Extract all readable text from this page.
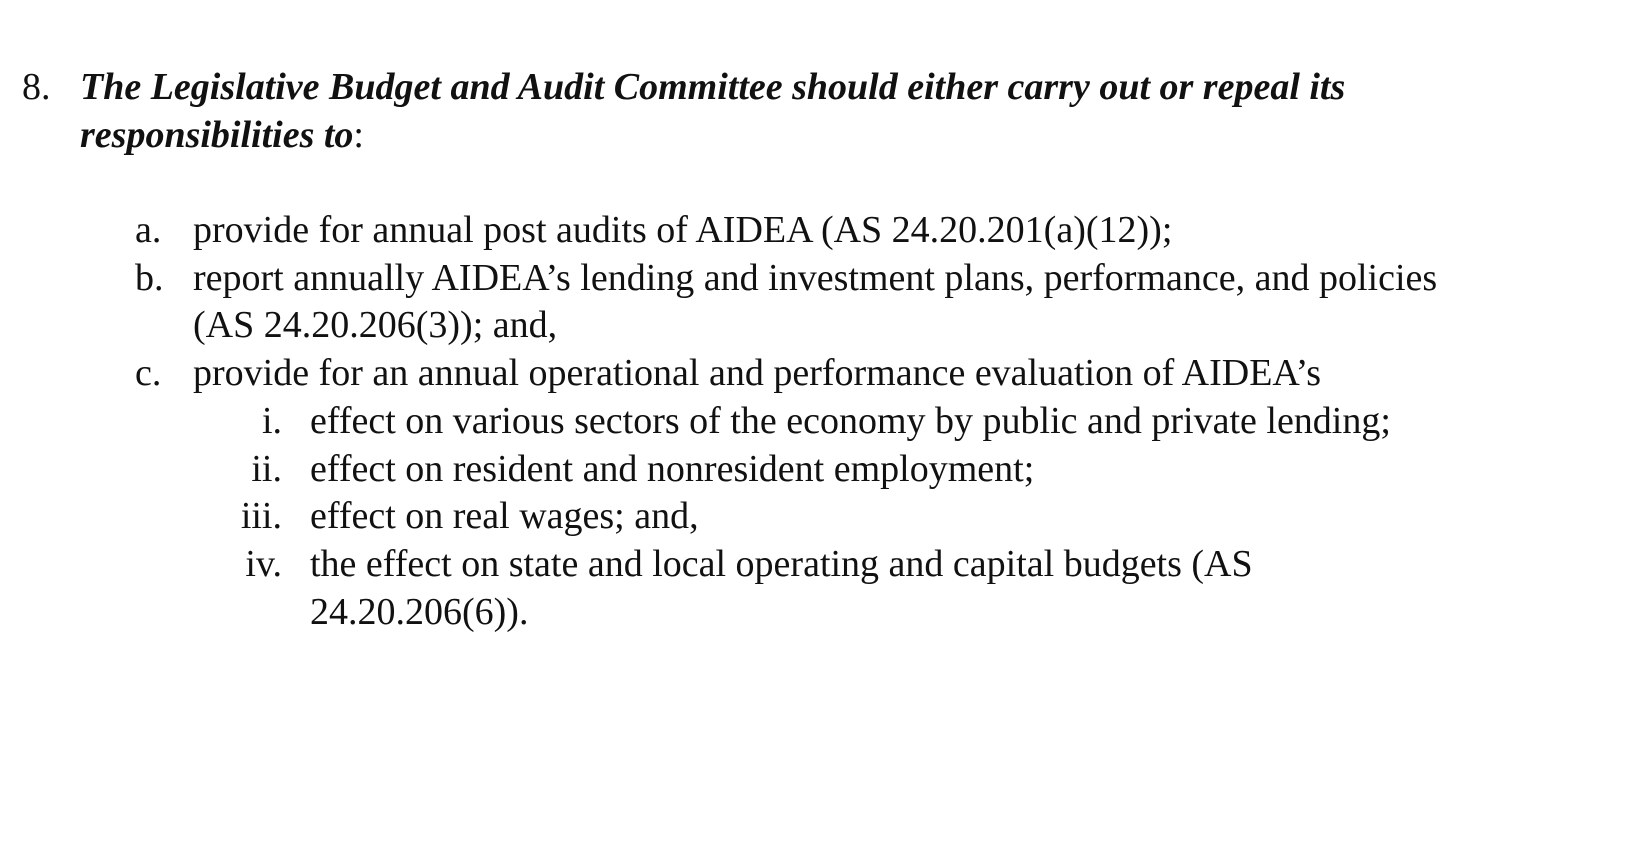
8. The Legislative Budget and Audit Committee should either carry out or repeal its
responsibilities to:
a. provide for annual post audits of AIDEA (AS 24.20.201(a)(12));
b. report annually AIDEA’s lending and investment plans, performance, and policies
(AS 24.20.206(3)); and,
c. provide for an annual operational and performance evaluation of AIDEA’s
i. effect on various sectors of the economy by public and private lending;
ii. effect on resident and nonresident employment;
iii. effect on real wages; and,
iv. the effect on state and local operating and capital budgets (AS
24.20.206(6)).
